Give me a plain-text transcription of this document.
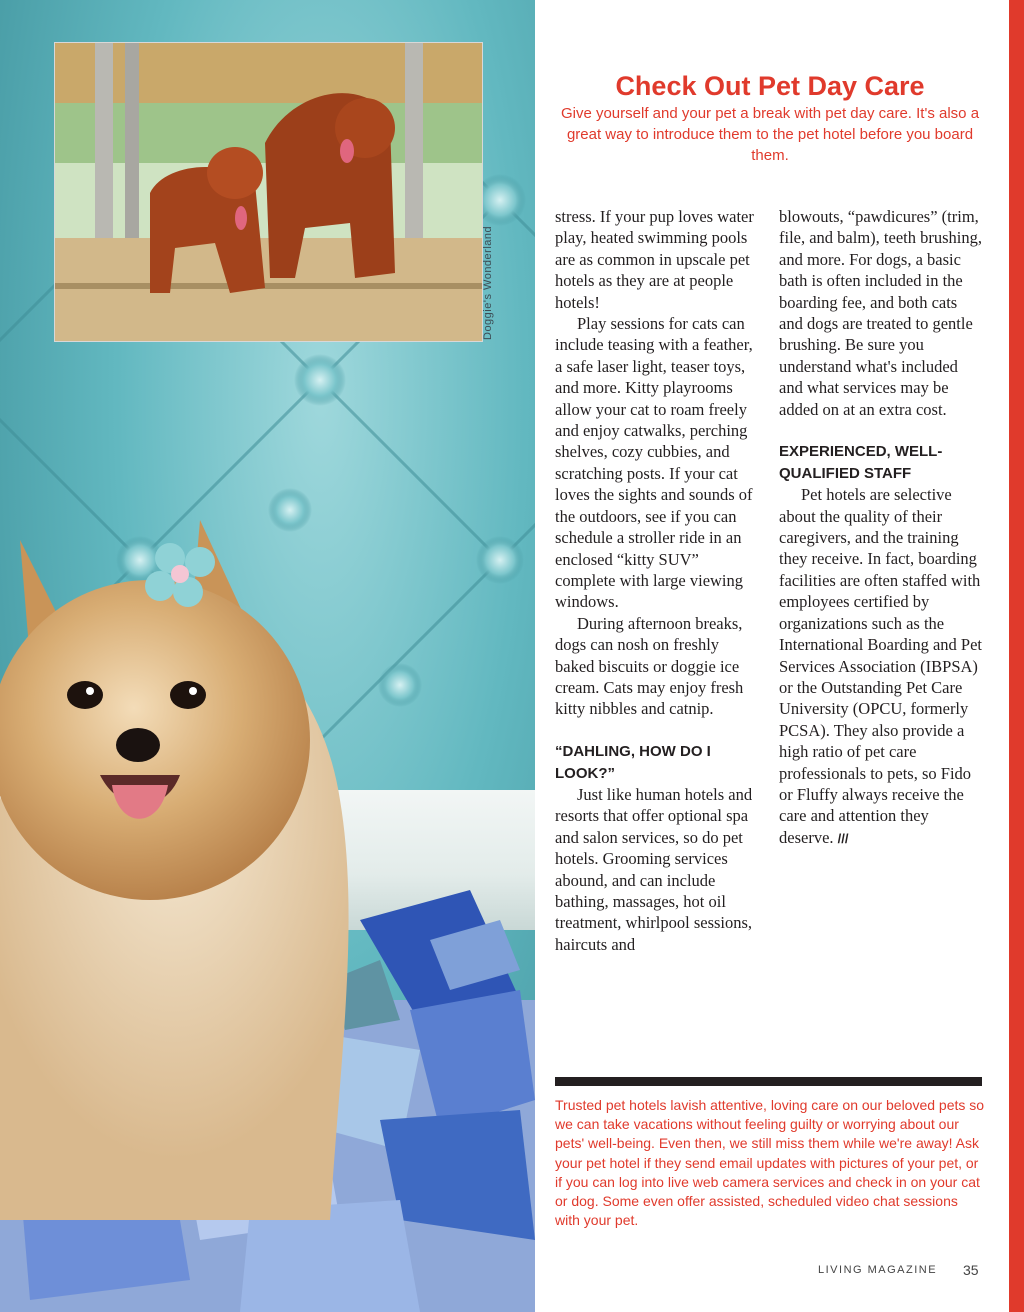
Doggie's Wonderland
Check Out Pet Day Care

Give yourself and your pet a break with pet day care. It's also a great way to introduce them to the pet hotel before you board them.

stress. If your pup loves water play, heated swimming pools are as common in upscale pet hotels as they are at people hotels!

Play sessions for cats can include teasing with a feather, a safe laser light, teaser toys, and more. Kitty playrooms allow your cat to roam freely and enjoy catwalks, perching shelves, cozy cubbies, and scratching posts. If your cat loves the sights and sounds of the outdoors, see if you can schedule a stroller ride in an enclosed “kitty SUV” complete with large viewing windows.

During afternoon breaks, dogs can nosh on freshly baked biscuits or doggie ice cream. Cats may enjoy fresh kitty nibbles and catnip.

“DAHLING, HOW DO I LOOK?”

Just like human hotels and resorts that offer optional spa and salon services, so do pet hotels. Grooming services abound, and can include bathing, massages, hot oil treatment, whirlpool sessions, haircuts and

blowouts, “pawdicures” (trim, file, and balm), teeth brushing, and more. For dogs, a basic bath is often included in the boarding fee, and both cats and dogs are treated to gentle brushing. Be sure you understand what's included and what services may be added on at an extra cost.

EXPERIENCED, WELL-QUALIFIED STAFF

Pet hotels are selective about the quality of their caregivers, and the training they receive. In fact, boarding facilities are often staffed with employees certified by organizations such as the International Boarding and Pet Services Association (IBPSA) or the Outstanding Pet Care University (OPCU, formerly PCSA). They also provide a high ratio of pet care professionals to pets, so Fido or Fluffy always receive the care and attention they deserve. ///

Trusted pet hotels lavish attentive, loving care on our beloved pets so we can take vacations without feeling guilty or worrying about our pets' well-being. Even then, we still miss them while we're away! Ask your pet hotel if they send email updates with pictures of your pet, or if you can log into live web camera services and check in on your cat or dog. Some even offer assisted, scheduled video chat sessions with your pet.
LIVING MAGAZINE 35
